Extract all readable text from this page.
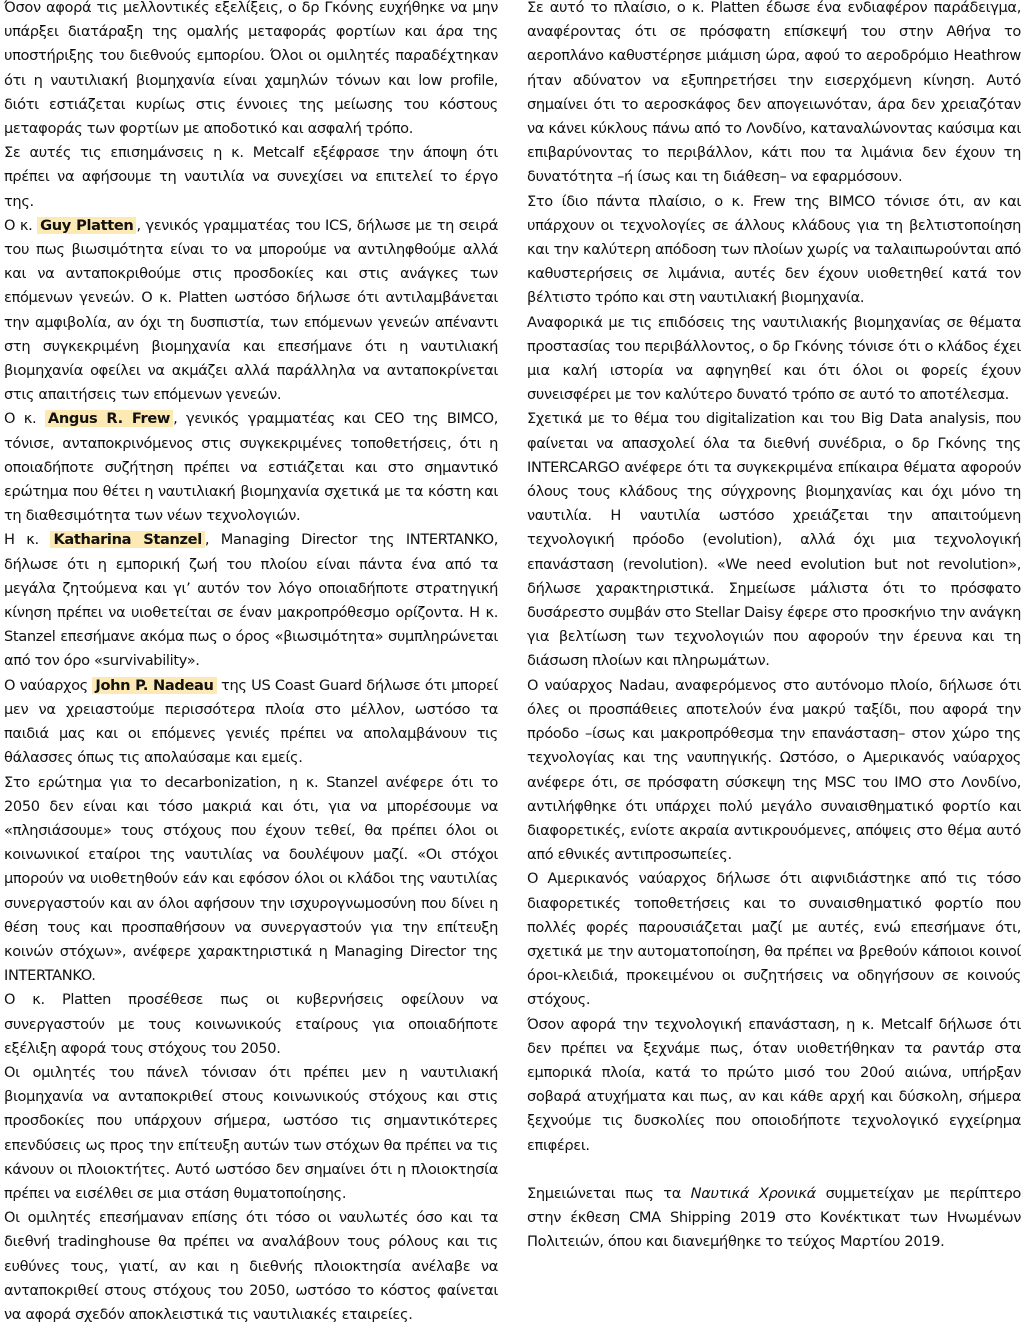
Όσον αφορά τις μελλοντικές εξελίξεις, ο δρ Γκόνης ευχήθηκε να μην υπάρξει διατάραξη της ομαλής μεταφοράς φορτίων και άρα της υποστήριξης του διεθνούς εμπορίου. Όλοι οι ομιλητές παραδέχτηκαν ότι η ναυτιλιακή βιομηχανία είναι χαμηλών τόνων και low profile, διότι εστιάζεται κυρίως στις έννοιες της μείωσης του κόστους μεταφοράς των φορτίων με αποδοτικό και ασφαλή τρόπο.

Σε αυτές τις επισημάνσεις η κ. Metcalf εξέφρασε την άποψη ότι πρέπει να αφήσουμε τη ναυτιλία να συνεχίσει να επιτελεί το έργο της.

Ο κ. Guy Platten , γενικός γραμματέας του ICS, δήλωσε με τη σειρά του πως βιωσιμότητα είναι το να μπορούμε να αντιληφθούμε αλλά και να ανταποκριθούμε στις προσδοκίες και στις ανάγκες των επόμενων γενεών. Ο κ. Platten ωστόσο δήλωσε ότι αντιλαμβάνεται την αμφιβολία, αν όχι τη δυσπιστία, των επόμενων γενεών απέναντι στη συγκεκριμένη βιομηχανία και επεσήμανε ότι η ναυτιλιακή βιομηχανία οφείλει να ακμάζει αλλά παράλληλα να ανταποκρίνεται στις απαιτήσεις των επόμενων γενεών.

Ο κ. Angus R. Frew , γενικός γραμματέας και CEO της BIMCO, τόνισε, ανταποκρινόμενος στις συγκεκριμένες τοποθετήσεις, ότι η οποιαδήποτε συζήτηση πρέπει να εστιάζεται και στο σημαντικό ερώτημα που θέτει η ναυτιλιακή βιομηχανία σχετικά με τα κόστη και τη διαθεσιμότητα των νέων τεχνολογιών.

Η κ. Katharina Stanzel , Managing Director της INTERTANKO, δήλωσε ότι η εμπορική ζωή του πλοίου είναι πάντα ένα από τα μεγάλα ζητούμενα και γι’ αυτόν τον λόγο οποιαδήποτε στρατηγική κίνηση πρέπει να υιοθετείται σε έναν μακροπρόθεσμο ορίζοντα. Η κ. Stanzel επεσήμανε ακόμα πως ο όρος «βιωσιμότητα» συμπληρώνεται από τον όρο «survivability».

Ο ναύαρχος John P. Nadeau της US Coast Guard δήλωσε ότι μπορεί μεν να χρειαστούμε περισσότερα πλοία στο μέλλον, ωστόσο τα παιδιά μας και οι επόμενες γενιές πρέπει να απολαμβάνουν τις θάλασσες όπως τις απολαύσαμε και εμείς.

Στο ερώτημα για το decarbonization, η κ. Stanzel ανέφερε ότι το 2050 δεν είναι και τόσο μακριά και ότι, για να μπορέσουμε να «πλησιάσουμε» τους στόχους που έχουν τεθεί, θα πρέπει όλοι οι κοινωνικοί εταίροι της ναυτιλίας να δουλέψουν μαζί. «Οι στόχοι μπορούν να υιοθετηθούν εάν και εφόσον όλοι οι κλάδοι της ναυτιλίας συνεργαστούν και αν όλοι αφήσουν την ισχυρογνωμοσύνη που δίνει η θέση τους και προσπαθήσουν να συνεργαστούν για την επίτευξη κοινών στόχων», ανέφερε χαρακτηριστικά η Managing Director της INTERTANKO.

Ο κ. Platten προσέθεσε πως οι κυβερνήσεις οφείλουν να συνεργαστούν με τους κοινωνικούς εταίρους για οποιαδήποτε εξέλιξη αφορά τους στόχους του 2050.

Οι ομιλητές του πάνελ τόνισαν ότι πρέπει μεν η ναυτιλιακή βιομηχανία να ανταποκριθεί στους κοινωνικούς στόχους και στις προσδοκίες που υπάρχουν σήμερα, ωστόσο τις σημαντικότερες επενδύσεις ως προς την επίτευξη αυτών των στόχων θα πρέπει να τις κάνουν οι πλοιοκτήτες. Αυτό ωστόσο δεν σημαίνει ότι η πλοιοκτησία πρέπει να εισέλθει σε μια στάση θυματοποίησης.

Οι ομιλητές επεσήμαναν επίσης ότι τόσο οι ναυλωτές όσο και τα διεθνή tradinghouse θα πρέπει να αναλάβουν τους ρόλους και τις ευθύνες τους, γιατί, αν και η διεθνής πλοιοκτησία ανέλαβε να ανταποκριθεί στους στόχους του 2050, ωστόσο το κόστος φαίνεται να αφορά σχεδόν αποκλειστικά τις ναυτιλιακές εταιρείες.

Σε αυτό το πλαίσιο, ο κ. Platten έδωσε ένα ενδιαφέρον παράδειγμα, αναφέροντας ότι σε πρόσφατη επίσκεψή του στην Αθήνα το αεροπλάνο καθυστέρησε μιάμιση ώρα, αφού το αεροδρόμιο Heathrow ήταν αδύνατον να εξυπηρετήσει την εισερχόμενη κίνηση. Αυτό σημαίνει ότι το αεροσκάφος δεν απογειωνόταν, άρα δεν χρειαζόταν να κάνει κύκλους πάνω από το Λονδίνο, καταναλώνοντας καύσιμα και επιβαρύνοντας το περιβάλλον, κάτι που τα λιμάνια δεν έχουν τη δυνατότητα –ή ίσως και τη διάθεση– να εφαρμόσουν.

Στο ίδιο πάντα πλαίσιο, ο κ. Frew της BIMCO τόνισε ότι, αν και υπάρχουν οι τεχνολογίες σε άλλους κλάδους για τη βελτιστοποίηση και την καλύτερη απόδοση των πλοίων χωρίς να ταλαιπωρούνται από καθυστερήσεις σε λιμάνια, αυτές δεν έχουν υιοθετηθεί κατά τον βέλτιστο τρόπο και στη ναυτιλιακή βιομηχανία.

Αναφορικά με τις επιδόσεις της ναυτιλιακής βιομηχανίας σε θέματα προστασίας του περιβάλλοντος, ο δρ Γκόνης τόνισε ότι ο κλάδος έχει μια καλή ιστορία να αφηγηθεί και ότι όλοι οι φορείς έχουν συνεισφέρει με τον καλύτερο δυνατό τρόπο σε αυτό το αποτέλεσμα.

Σχετικά με το θέμα του digitalization και του Big Data analysis, που φαίνεται να απασχολεί όλα τα διεθνή συνέδρια, ο δρ Γκόνης της INTERCARGO ανέφερε ότι τα συγκεκριμένα επίκαιρα θέματα αφορούν όλους τους κλάδους της σύγχρονης βιομηχανίας και όχι μόνο τη ναυτιλία. Η ναυτιλία ωστόσο χρειάζεται την απαιτούμενη τεχνολογική πρόοδο (evolution), αλλά όχι μια τεχνολογική επανάσταση (revolution). «We need evolution but not revolution», δήλωσε χαρακτηριστικά. Σημείωσε μάλιστα ότι το πρόσφατο δυσάρεστο συμβάν στο Stellar Daisy έφερε στο προσκήνιο την ανάγκη για βελτίωση των τεχνολογιών που αφορούν την έρευνα και τη διάσωση πλοίων και πληρωμάτων.

Ο ναύαρχος Nadau, αναφερόμενος στο αυτόνομο πλοίο, δήλωσε ότι όλες οι προσπάθειες αποτελούν ένα μακρύ ταξίδι, που αφορά την πρόοδο –ίσως και μακροπρόθεσμα την επανάσταση– στον χώρο της τεχνολογίας και της ναυπηγικής. Ωστόσο, ο Αμερικανός ναύαρχος ανέφερε ότι, σε πρόσφατη σύσκεψη της MSC του IMO στο Λονδίνο, αντιλήφθηκε ότι υπάρχει πολύ μεγάλο συναισθηματικό φορτίο και διαφορετικές, ενίοτε ακραία αντικρουόμενες, απόψεις στο θέμα αυτό από εθνικές αντιπροσωπείες.

Ο Αμερικανός ναύαρχος δήλωσε ότι αιφνιδιάστηκε από τις τόσο διαφορετικές τοποθετήσεις και το συναισθηματικό φορτίο που πολλές φορές παρουσιάζεται μαζί με αυτές, ενώ επεσήμανε ότι, σχετικά με την αυτοματοποίηση, θα πρέπει να βρεθούν κάποιοι κοινοί όροι-κλειδιά, προκειμένου οι συζητήσεις να οδηγήσουν σε κοινούς στόχους.

Όσον αφορά την τεχνολογική επανάσταση, η κ. Metcalf δήλωσε ότι δεν πρέπει να ξεχνάμε πως, όταν υιοθετήθηκαν τα ραντάρ στα εμπορικά πλοία, κατά το πρώτο μισό του 20ού αιώνα, υπήρξαν σοβαρά ατυχήματα και πως, αν και κάθε αρχή και δύσκολη, σήμερα ξεχνούμε τις δυσκολίες που οποιοδήποτε τεχνολογικό εγχείρημα επιφέρει.

Σημειώνεται πως τα Ναυτικά Χρονικά συμμετείχαν με περίπτερο στην έκθεση CMA Shipping 2019 στο Κονέκτικατ των Ηνωμένων Πολιτειών, όπου και διανεμήθηκε το τεύχος Μαρτίου 2019.
